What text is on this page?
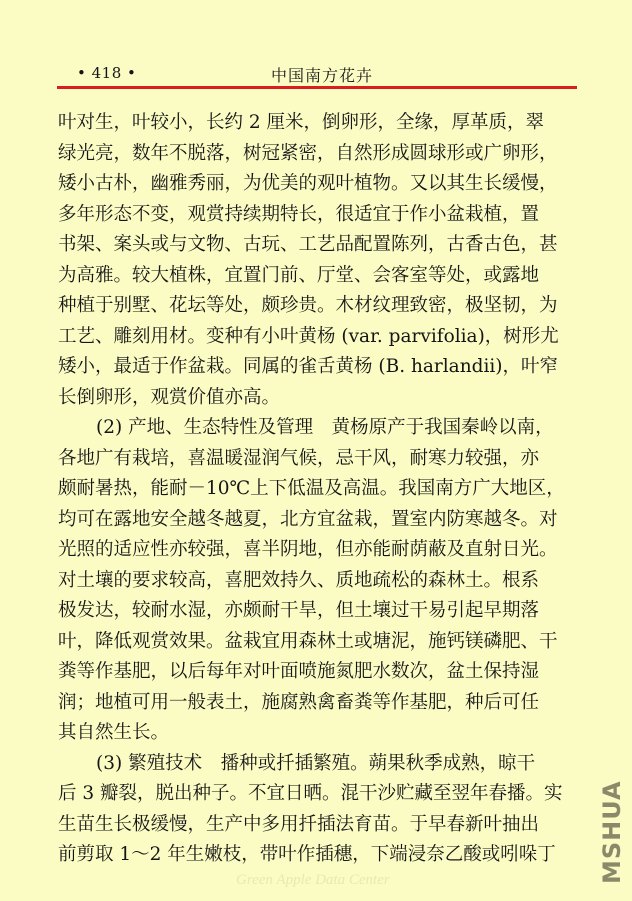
• 418 •	中国南方花卉
叶对生，叶较小，长约 2 厘米，倒卵形，全缘，厚革质，翠
绿光亮，数年不脱落，树冠紧密，自然形成圆球形或广卵形，
矮小古朴，幽雅秀丽，为优美的观叶植物。又以其生长缓慢，
多年形态不变，观赏持续期特长，很适宜于作小盆栽植，置
书架、案头或与文物、古玩、工艺品配置陈列，古香古色，甚
为高雅。较大植株，宜置门前、厅堂、会客室等处，或露地
种植于别墅、花坛等处，颇珍贵。木材纹理致密，极坚韧，为
工艺、雕刻用材。变种有小叶黄杨 (var. parvifolia)，树形尤
矮小，最适于作盆栽。同属的雀舌黄杨 (B. harlandii)，叶窄
长倒卵形，观赏价值亦高。
(2) 产地、生态特性及管理　黄杨原产于我国秦岭以南，
各地广有栽培，喜温暖湿润气候，忌干风，耐寒力较强，亦
颇耐暑热，能耐－10℃上下低温及高温。我国南方广大地区，
均可在露地安全越冬越夏，北方宜盆栽，置室内防寒越冬。对
光照的适应性亦较强，喜半阴地，但亦能耐荫蔽及直射日光。
对土壤的要求较高，喜肥效持久、质地疏松的森林土。根系
极发达，较耐水湿，亦颇耐干旱，但土壤过干易引起早期落
叶，降低观赏效果。盆栽宜用森林土或塘泥，施钙镁磷肥、干
粪等作基肥，以后每年对叶面喷施氮肥水数次，盆土保持湿
润；地植可用一般表土，施腐熟禽畜粪等作基肥，种后可任
其自然生长。
(3) 繁殖技术　播种或扦插繁殖。蒴果秋季成熟，晾干
后 3 瓣裂，脱出种子。不宜日晒。混干沙贮藏至翌年春播。实
生苗生长极缓慢，生产中多用扦插法育苗。于早春新叶抽出
前剪取 1～2 年生嫩枝，带叶作插穗，下端浸奈乙酸或吲哚丁	MSHUA
Green Apple Data Center
